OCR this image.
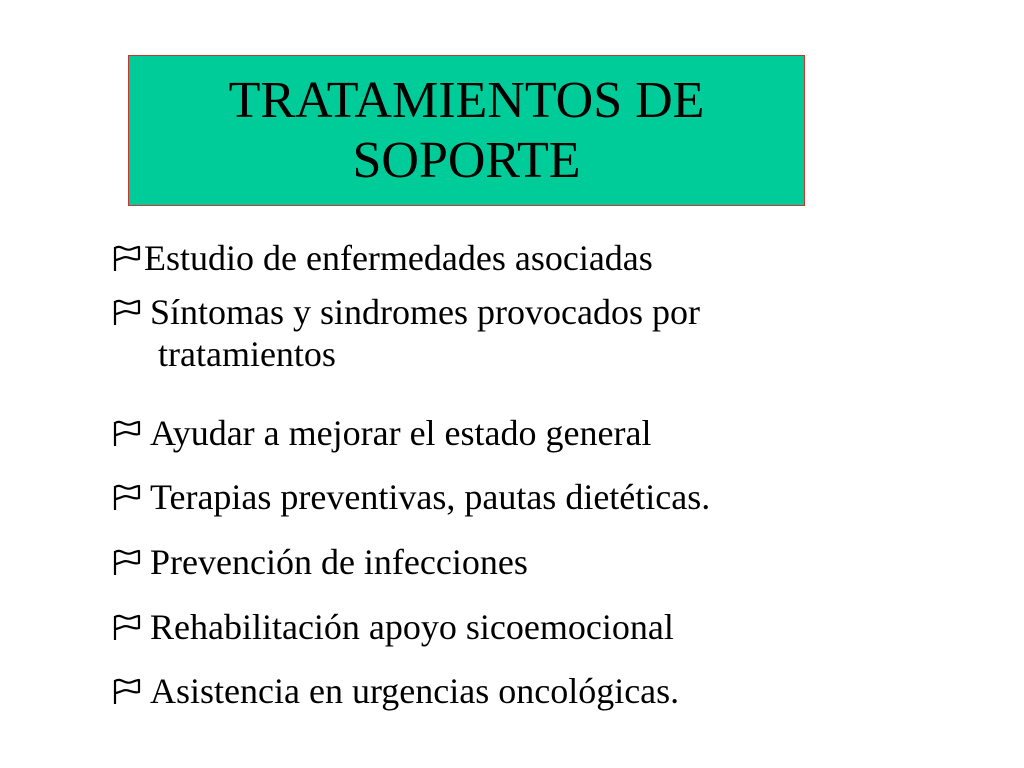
TRATAMIENTOS DE
SOPORTE
Estudio de enfermedades asociadas
Síntomas y sindromes provocados por
tratamientos
Ayudar a mejorar el estado general
Terapias preventivas, pautas dietéticas.
Prevención de infecciones
Rehabilitación apoyo sicoemocional
Asistencia en urgencias oncológicas.
